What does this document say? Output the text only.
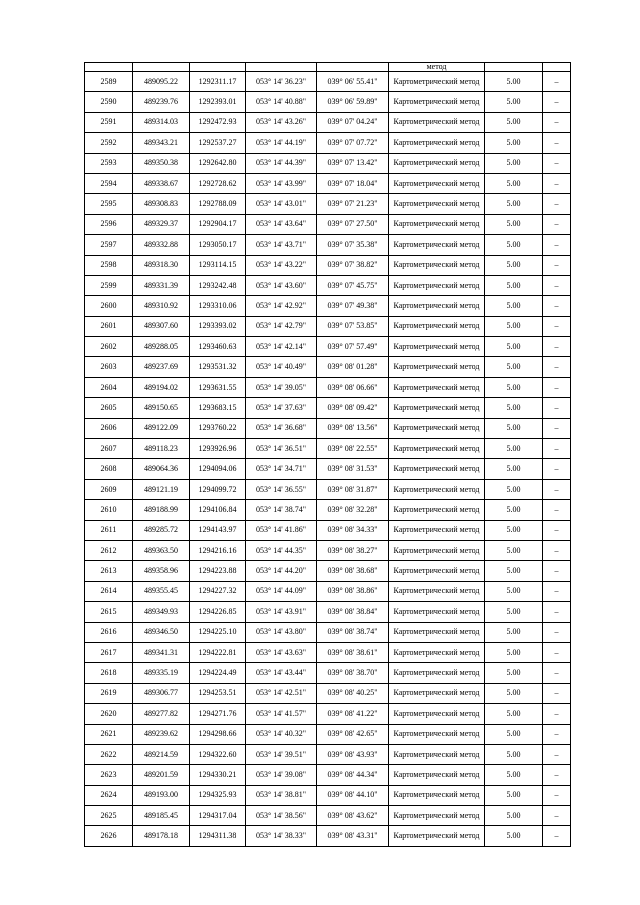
					метод		
2589	489095.22	1292311.17	053° 14' 36.23"	039° 06' 55.41"	Картометрический метод	5.00	–
2590	489239.76	1292393.01	053° 14' 40.88"	039° 06' 59.89"	Картометрический метод	5.00	–
2591	489314.03	1292472.93	053° 14' 43.26"	039° 07' 04.24"	Картометрический метод	5.00	–
2592	489343.21	1292537.27	053° 14' 44.19"	039° 07' 07.72"	Картометрический метод	5.00	–
2593	489350.38	1292642.80	053° 14' 44.39"	039° 07' 13.42"	Картометрический метод	5.00	–
2594	489338.67	1292728.62	053° 14' 43.99"	039° 07' 18.04"	Картометрический метод	5.00	–
2595	489308.83	1292788.09	053° 14' 43.01"	039° 07' 21.23"	Картометрический метод	5.00	–
2596	489329.37	1292904.17	053° 14' 43.64"	039° 07' 27.50"	Картометрический метод	5.00	–
2597	489332.88	1293050.17	053° 14' 43.71"	039° 07' 35.38"	Картометрический метод	5.00	–
2598	489318.30	1293114.15	053° 14' 43.22"	039° 07' 38.82"	Картометрический метод	5.00	–
2599	489331.39	1293242.48	053° 14' 43.60"	039° 07' 45.75"	Картометрический метод	5.00	–
2600	489310.92	1293310.06	053° 14' 42.92"	039° 07' 49.38"	Картометрический метод	5.00	–
2601	489307.60	1293393.02	053° 14' 42.79"	039° 07' 53.85"	Картометрический метод	5.00	–
2602	489288.05	1293460.63	053° 14' 42.14"	039° 07' 57.49"	Картометрический метод	5.00	–
2603	489237.69	1293531.32	053° 14' 40.49"	039° 08' 01.28"	Картометрический метод	5.00	–
2604	489194.02	1293631.55	053° 14' 39.05"	039° 08' 06.66"	Картометрический метод	5.00	–
2605	489150.65	1293683.15	053° 14' 37.63"	039° 08' 09.42"	Картометрический метод	5.00	–
2606	489122.09	1293760.22	053° 14' 36.68"	039° 08' 13.56"	Картометрический метод	5.00	–
2607	489118.23	1293926.96	053° 14' 36.51"	039° 08' 22.55"	Картометрический метод	5.00	–
2608	489064.36	1294094.06	053° 14' 34.71"	039° 08' 31.53"	Картометрический метод	5.00	–
2609	489121.19	1294099.72	053° 14' 36.55"	039° 08' 31.87"	Картометрический метод	5.00	–
2610	489188.99	1294106.84	053° 14' 38.74"	039° 08' 32.28"	Картометрический метод	5.00	–
2611	489285.72	1294143.97	053° 14' 41.86"	039° 08' 34.33"	Картометрический метод	5.00	–
2612	489363.50	1294216.16	053° 14' 44.35"	039° 08' 38.27"	Картометрический метод	5.00	–
2613	489358.96	1294223.88	053° 14' 44.20"	039° 08' 38.68"	Картометрический метод	5.00	–
2614	489355.45	1294227.32	053° 14' 44.09"	039° 08' 38.86"	Картометрический метод	5.00	–
2615	489349.93	1294226.85	053° 14' 43.91"	039° 08' 38.84"	Картометрический метод	5.00	–
2616	489346.50	1294225.10	053° 14' 43.80"	039° 08' 38.74"	Картометрический метод	5.00	–
2617	489341.31	1294222.81	053° 14' 43.63"	039° 08' 38.61"	Картометрический метод	5.00	–
2618	489335.19	1294224.49	053° 14' 43.44"	039° 08' 38.70"	Картометрический метод	5.00	–
2619	489306.77	1294253.51	053° 14' 42.51"	039° 08' 40.25"	Картометрический метод	5.00	–
2620	489277.82	1294271.76	053° 14' 41.57"	039° 08' 41.22"	Картометрический метод	5.00	–
2621	489239.62	1294298.66	053° 14' 40.32"	039° 08' 42.65"	Картометрический метод	5.00	–
2622	489214.59	1294322.60	053° 14' 39.51"	039° 08' 43.93"	Картометрический метод	5.00	–
2623	489201.59	1294330.21	053° 14' 39.08"	039° 08' 44.34"	Картометрический метод	5.00	–
2624	489193.00	1294325.93	053° 14' 38.81"	039° 08' 44.10"	Картометрический метод	5.00	–
2625	489185.45	1294317.04	053° 14' 38.56"	039° 08' 43.62"	Картометрический метод	5.00	–
2626	489178.18	1294311.38	053° 14' 38.33"	039° 08' 43.31"	Картометрический метод	5.00	–
